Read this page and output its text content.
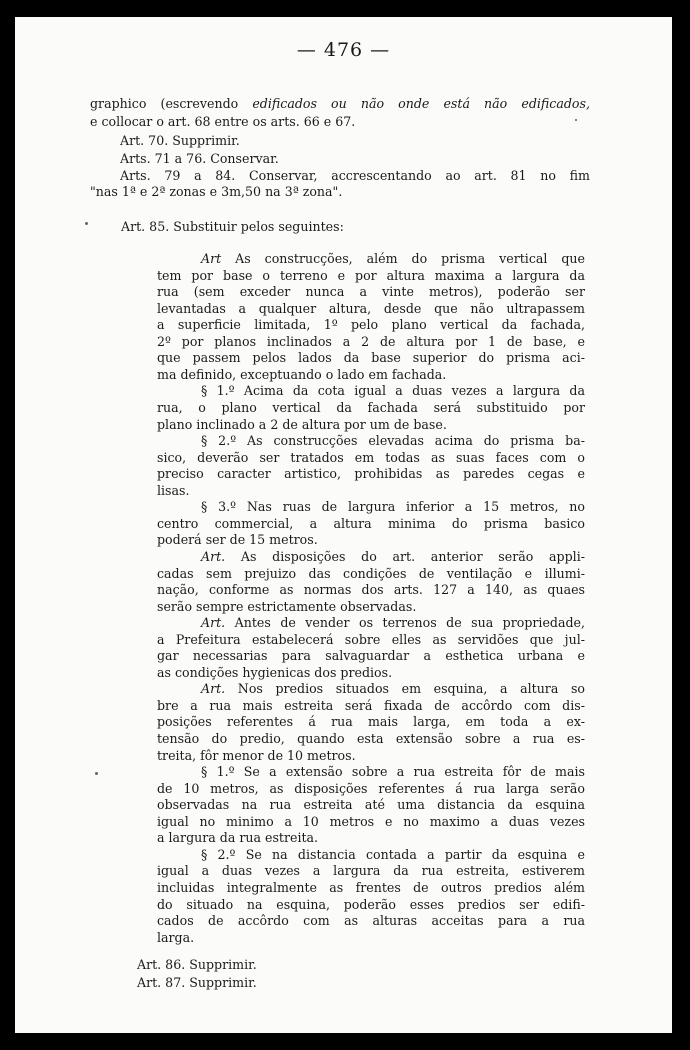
— 476 —
graphico (escrevendo edificados ou não onde está não edificados,
e collocar o art. 68 entre os arts. 66 e 67.
Art. 70. Supprimir.
Arts. 71 a 76. Conservar.
Arts. 79 a 84. Conservar, accrescentando ao art. 81 no fim
"nas 1ª e 2ª zonas e 3m,50 na 3ª zona".
Art. 85. Substituir pelos seguintes:
Art As construcções, além do prisma vertical que
tem por base o terreno e por altura maxima a largura da
rua (sem exceder nunca a vinte metros), poderão ser
levantadas a qualquer altura, desde que não ultrapassem
a superficie limitada, 1º pelo plano vertical da fachada,
2º por planos inclinados a 2 de altura por 1 de base, e
que passem pelos lados da base superior do prisma aci-
ma definido, exceptuando o lado em fachada.
§ 1.º Acima da cota igual a duas vezes a largura da
rua, o plano vertical da fachada será substituido por
plano inclinado a 2 de altura por um de base.
§ 2.º As construcções elevadas acima do prisma ba-
sico, deverão ser tratados em todas as suas faces com o
preciso caracter artistico, prohibidas as paredes cegas e
lisas.
§ 3.º Nas ruas de largura inferior a 15 metros, no
centro commercial, a altura minima do prisma basico
poderá ser de 15 metros.
Art. As disposições do art. anterior serão appli-
cadas sem prejuizo das condições de ventilação e illumi-
nação, conforme as normas dos arts. 127 a 140, as quaes
serão sempre estrictamente observadas.
Art. Antes de vender os terrenos de sua propriedade,
a Prefeitura estabelecerá sobre elles as servidões que jul-
gar necessarias para salvaguardar a esthetica urbana e
as condições hygienicas dos predios.
Art. Nos predios situados em esquina, a altura so
bre a rua mais estreita será fixada de accôrdo com dis-
posições referentes á rua mais larga, em toda a ex-
tensão do predio, quando esta extensão sobre a rua es-
treita, fôr menor de 10 metros.
§ 1.º Se a extensão sobre a rua estreita fôr de mais
de 10 metros, as disposições referentes á rua larga serão
observadas na rua estreita até uma distancia da esquina
igual no minimo a 10 metros e no maximo a duas vezes
a largura da rua estreita.
§ 2.º Se na distancia contada a partir da esquina e
igual a duas vezes a largura da rua estreita, estiverem
incluidas integralmente as frentes de outros predios além
do situado na esquina, poderão esses predios ser edifi-
cados de accôrdo com as alturas acceitas para a rua
larga.
Art. 86. Supprimir.
Art. 87. Supprimir.
